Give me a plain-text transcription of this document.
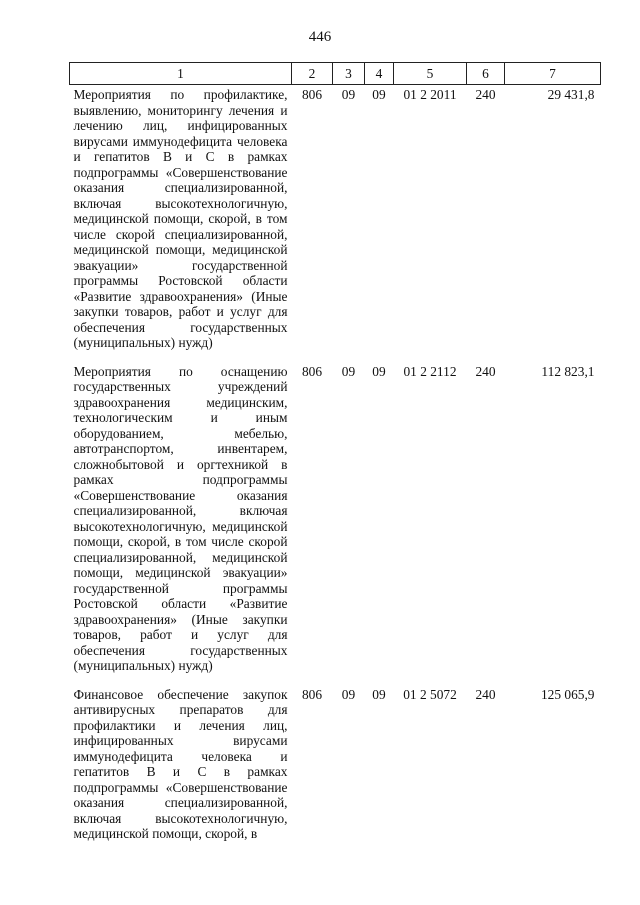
446
1	2	3	4	5	6	7
Мероприятия по профилактике, выявлению, мониторингу лечения и лечению лиц, инфицированных вирусами иммунодефицита человека и гепатитов В и С в рамках подпрограммы «Совершенствование оказания специализированной, включая высокотехнологичную, медицинской помощи, скорой, в том числе скорой специализированной, медицинской помощи, медицинской эвакуации» государственной программы Ростовской области «Развитие здравоохранения» (Иные закупки товаров, работ и услуг для обеспечения государственных (муниципальных) нужд)	806	09	09	01 2 2011	240	29 431,8
Мероприятия по оснащению государственных учреждений здравоохранения медицинским, технологическим и иным оборудованием, мебелью, автотранспортом, инвентарем, сложнобытовой и оргтехникой в рамках подпрограммы «Совершенствование оказания специализированной, включая высокотехнологичную, медицинской помощи, скорой, в том числе скорой специализированной, медицинской помощи, медицинской эвакуации» государственной программы Ростовской области «Развитие здравоохранения» (Иные закупки товаров, работ и услуг для обеспечения государственных (муниципальных) нужд)	806	09	09	01 2 2112	240	112 823,1
Финансовое обеспечение закупок антивирусных препаратов для профилактики и лечения лиц, инфицированных вирусами иммунодефицита человека и гепатитов В и С в рамках подпрограммы «Совершенствование оказания специализированной, включая высокотехнологичную, медицинской помощи, скорой, в	806	09	09	01 2 5072	240	125 065,9
